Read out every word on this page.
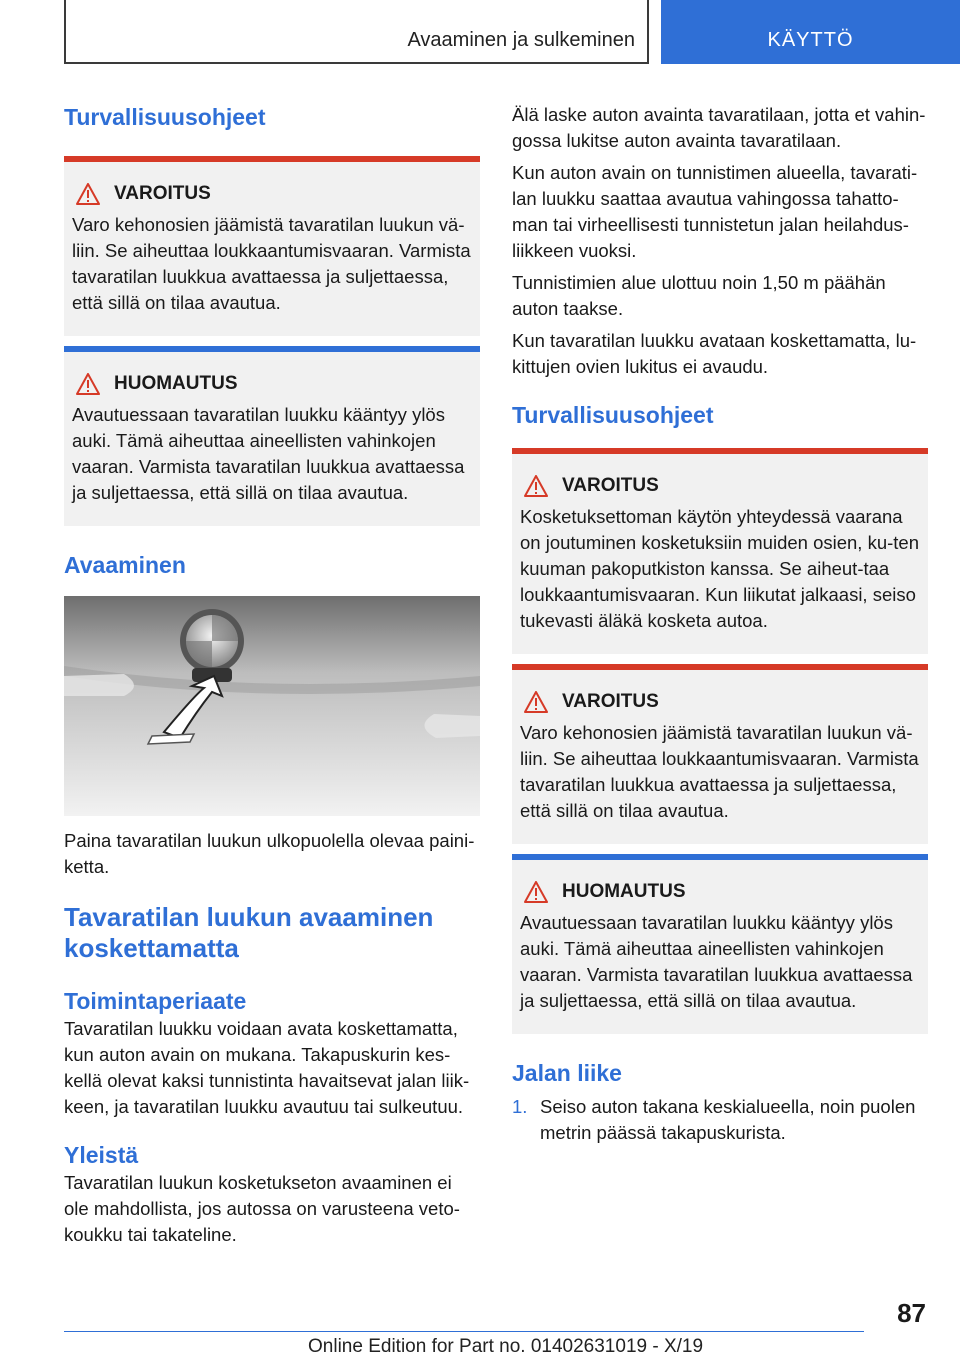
Avaaminen ja sulkeminen	KÄYTTÖ
Turvallisuusohjeet
VAROITUS

Varo kehonosien jäämistä tavaratilan luukun vä-liin. Se aiheuttaa loukkaantumisvaaran. Varmista tavaratilan luukkua avattaessa ja suljettaessa, että sillä on tilaa avautua.

HUOMAUTUS

Avautuessaan tavaratilan luukku kääntyy ylös auki. Tämä aiheuttaa aineellisten vahinkojen vaaran. Varmista tavaratilan luukkua avattaessa ja suljettaessa, että sillä on tilaa avautua.

Avaaminen

Paina tavaratilan luukun ulkopuolella olevaa paini-ketta.

Tavaratilan luukun avaaminen koskettamatta
Toimintaperiaate

Tavaratilan luukku voidaan avata koskettamatta, kun auton avain on mukana. Takapuskurin kes-kellä olevat kaksi tunnistinta havaitsevat jalan liik-keen, ja tavaratilan luukku avautuu tai sulkeutuu.

Yleistä

Tavaratilan luukun kosketukseton avaaminen ei ole mahdollista, jos autossa on varusteena veto-koukku tai takateline.

Älä laske auton avainta tavaratilaan, jotta et vahin-gossa lukitse auton avainta tavaratilaan.

Kun auton avain on tunnistimen alueella, tavarati-lan luukku saattaa avautua vahingossa tahatto-man tai virheellisesti tunnistetun jalan heilahdus-liikkeen vuoksi.

Tunnistimien alue ulottuu noin 1,50 m päähän auton taakse.

Kun tavaratilan luukku avataan koskettamatta, lu-kittujen ovien lukitus ei avaudu.

Turvallisuusohjeet
VAROITUS

Kosketuksettoman käytön yhteydessä vaarana on joutuminen kosketuksiin muiden osien, ku-ten kuuman pakoputkiston kanssa. Se aiheut-taa loukkaantumisvaaran. Kun liikutat jalkaasi, seiso tukevasti äläkä kosketa autoa.

VAROITUS

Varo kehonosien jäämistä tavaratilan luukun vä-liin. Se aiheuttaa loukkaantumisvaaran. Varmista tavaratilan luukkua avattaessa ja suljettaessa, että sillä on tilaa avautua.

HUOMAUTUS

Avautuessaan tavaratilan luukku kääntyy ylös auki. Tämä aiheuttaa aineellisten vahinkojen vaaran. Varmista tavaratilan luukkua avattaessa ja suljettaessa, että sillä on tilaa avautua.

Jalan liike
1. Seiso auton takana keskialueella, noin puolen metrin päässä takapuskurista.
87
Online Edition for Part no. 01402631019 - X/19
